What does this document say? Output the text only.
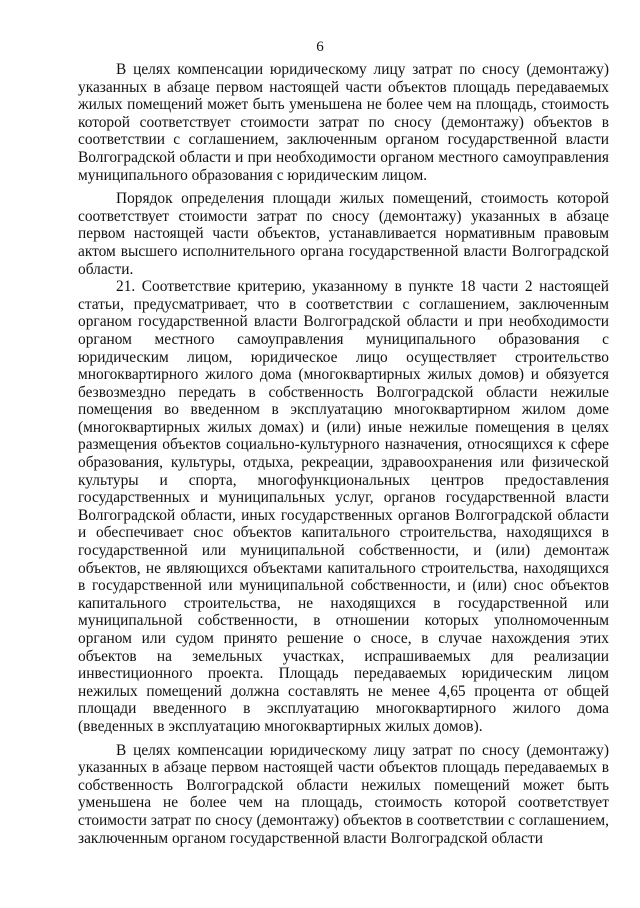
6

В целях компенсации юридическому лицу затрат по сносу (демонтажу) указанных в абзаце первом настоящей части объектов площадь передаваемых жилых помещений может быть уменьшена не более чем на площадь, стоимость которой соответствует стоимости затрат по сносу (демонтажу) объектов в соответствии с соглашением, заключенным органом государственной власти Волгоградской области и при необходимости органом местного самоуправления муниципального образования с юридическим лицом.

Порядок определения площади жилых помещений, стоимость которой соответствует стоимости затрат по сносу (демонтажу) указанных в абзаце первом настоящей части объектов, устанавливается нормативным правовым актом высшего исполнительного органа государственной власти Волгоградской области.

21. Соответствие критерию, указанному в пункте 18 части 2 настоящей статьи, предусматривает, что в соответствии с соглашением, заключенным органом государственной власти Волгоградской области и при необходимости органом местного самоуправления муниципального образования с юридическим лицом, юридическое лицо осуществляет строительство многоквартирного жилого дома (многоквартирных жилых домов) и обязуется безвозмездно передать в собственность Волгоградской области нежилые помещения во введенном в эксплуатацию многоквартирном жилом доме (многоквартирных жилых домах) и (или) иные нежилые помещения в целях размещения объектов социально-культурного назначения, относящихся к сфере образования, культуры, отдыха, рекреации, здравоохранения или физической культуры и спорта, многофункциональных центров предоставления государственных и муниципальных услуг, органов государственной власти Волгоградской области, иных государственных органов Волгоградской области и обеспечивает снос объектов капитального строительства, находящихся в государственной или муниципальной собственности, и (или) демонтаж объектов, не являющихся объектами капитального строительства, находящихся в государственной или муниципальной собственности, и (или) снос объектов капитального строительства, не находящихся в государственной или муниципальной собственности, в отношении которых уполномоченным органом или судом принято решение о сносе, в случае нахождения этих объектов на земельных участках, испрашиваемых для реализации инвестиционного проекта. Площадь передаваемых юридическим лицом нежилых помещений должна составлять не менее 4,65 процента от общей площади введенного в эксплуатацию многоквартирного жилого дома (введенных в эксплуатацию многоквартирных жилых домов).

В целях компенсации юридическому лицу затрат по сносу (демонтажу) указанных в абзаце первом настоящей части объектов площадь передаваемых в собственность Волгоградской области нежилых помещений может быть уменьшена не более чем на площадь, стоимость которой соответствует стоимости затрат по сносу (демонтажу) объектов в соответствии с соглашением, заключенным органом государственной власти Волгоградской области
